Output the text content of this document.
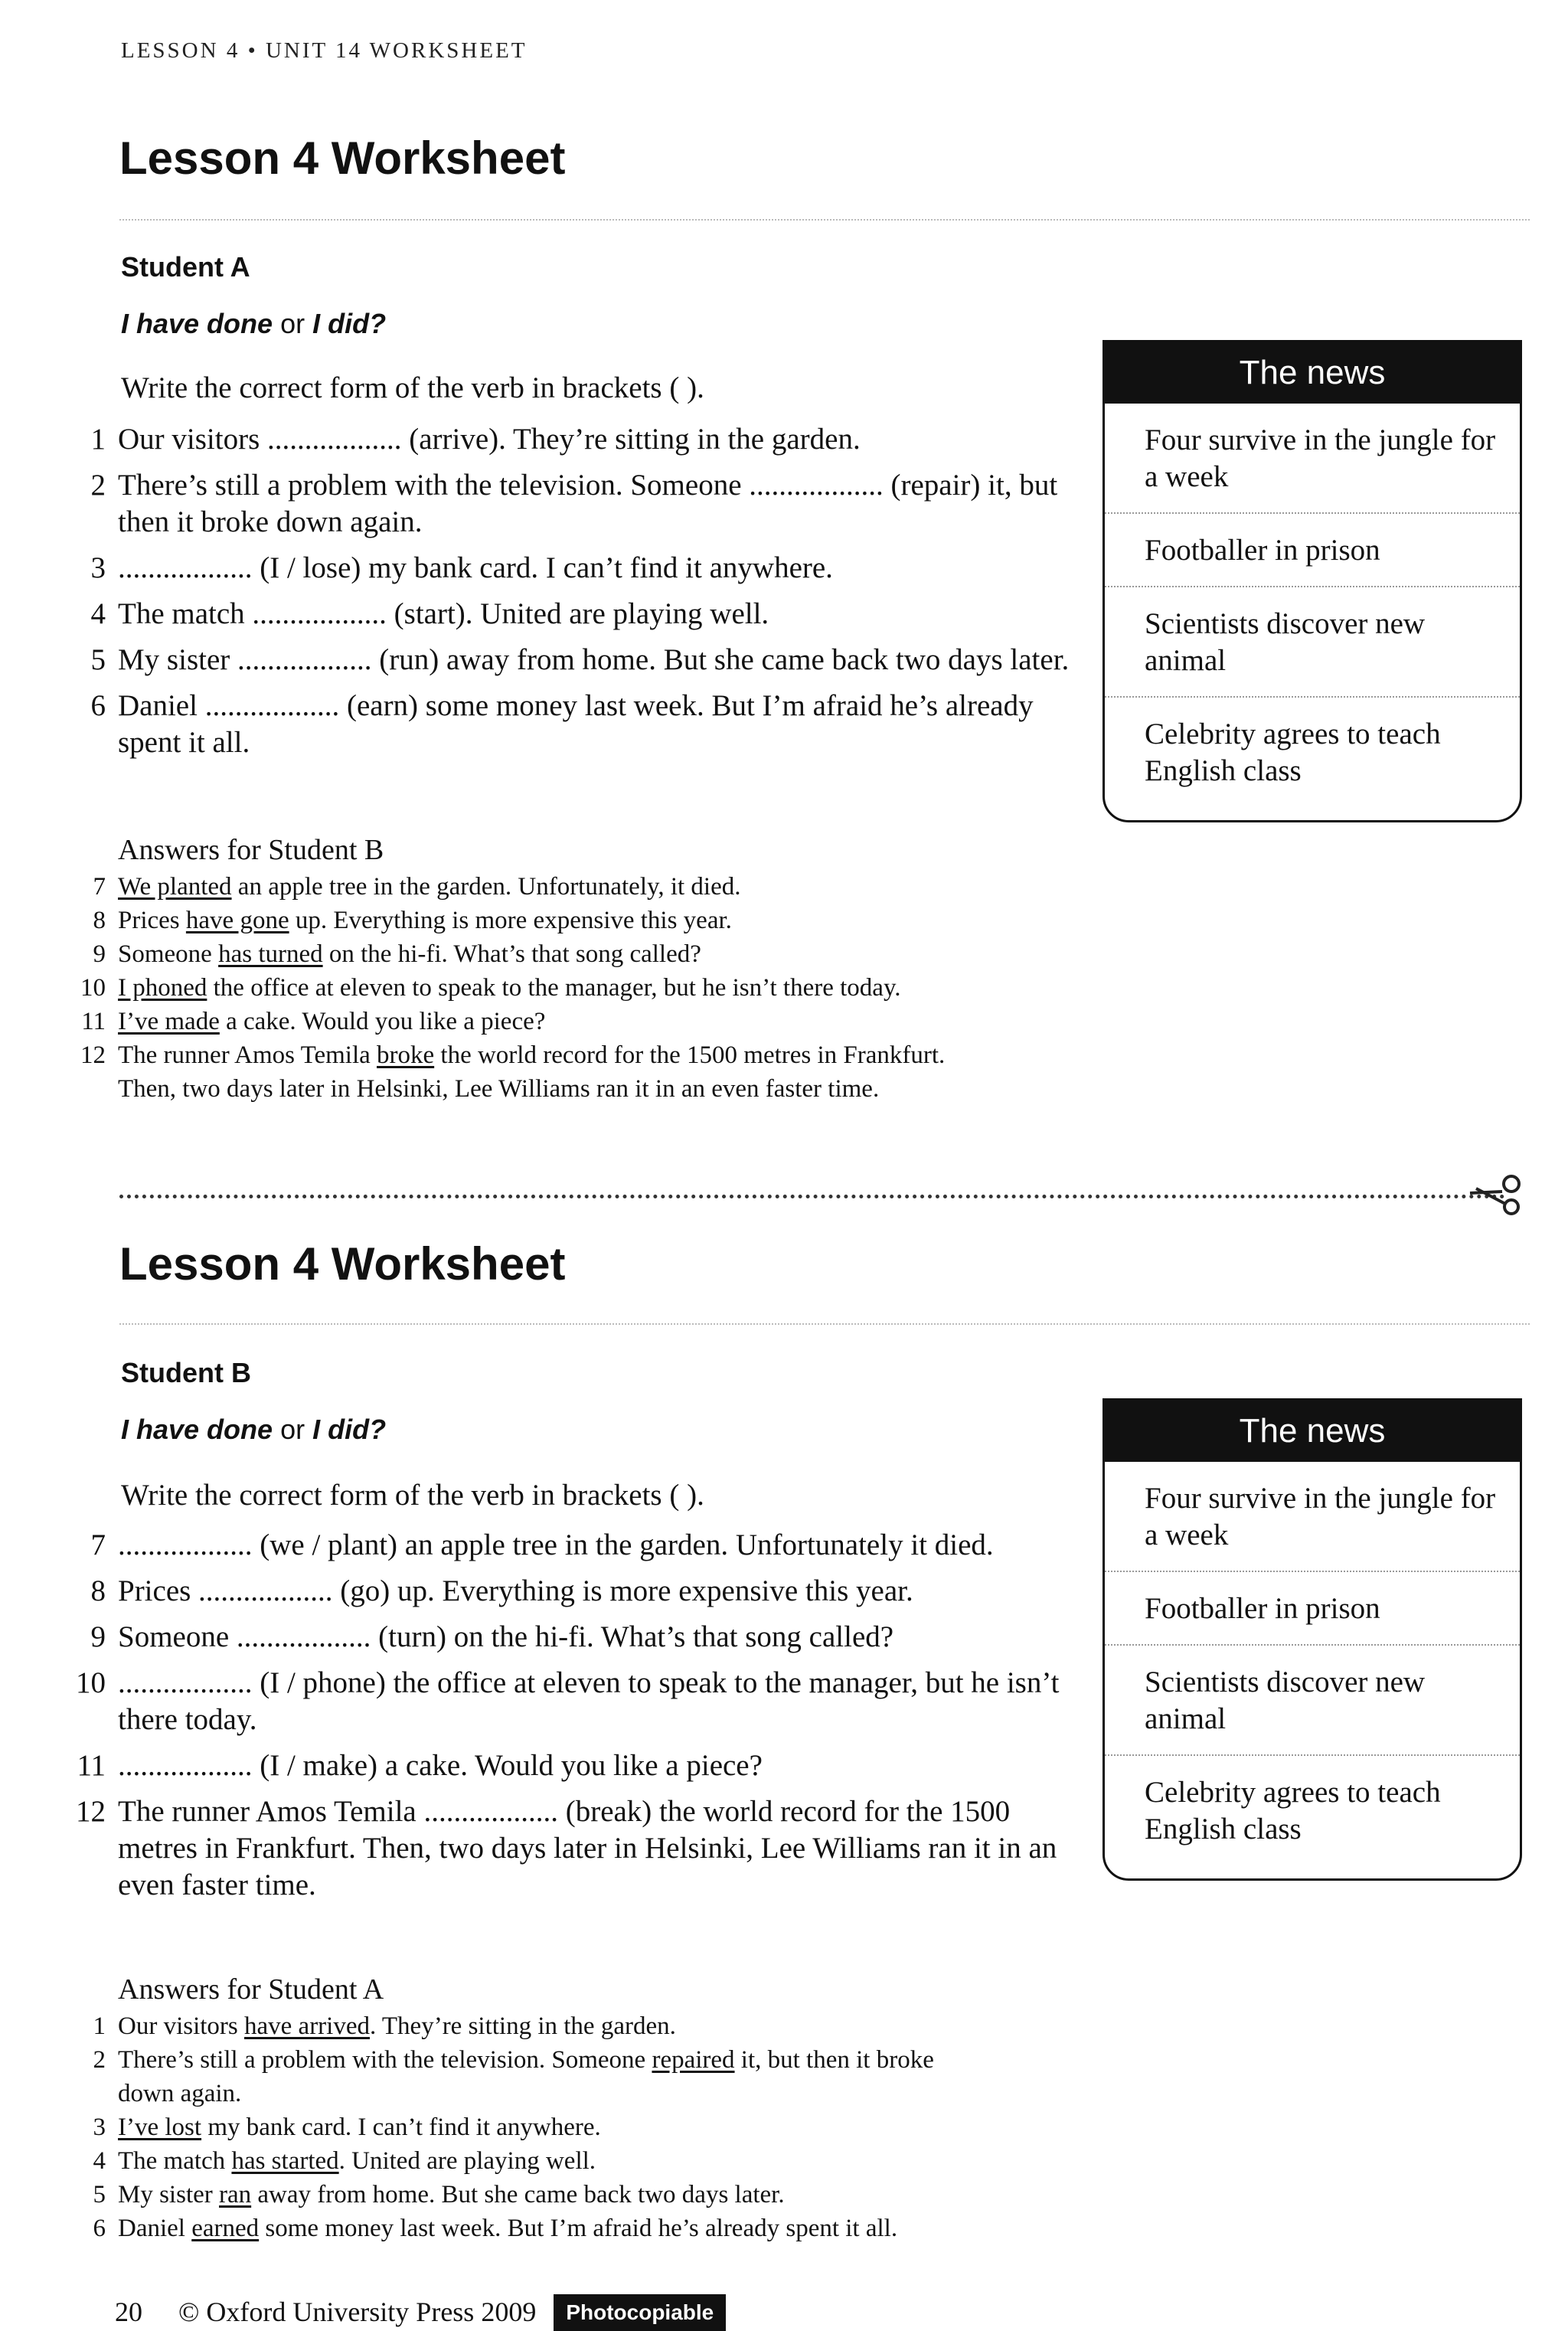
LESSON 4 • UNIT 14 WORKSHEET
Lesson 4 Worksheet
Student A
I have done or I did?
Write the correct form of the verb in brackets ( ).
1 Our visitors .................. (arrive). They’re sitting in the garden.
2 There’s still a problem with the television. Someone .................. (repair) it, but then it broke down again.
3 .................. (I / lose) my bank card. I can’t find it anywhere.
4 The match .................. (start). United are playing well.
5 My sister .................. (run) away from home. But she came back two days later.
6 Daniel .................. (earn) some money last week. But I’m afraid he’s already spent it all.
Answers for Student B
7 We planted an apple tree in the garden. Unfortunately, it died.
8 Prices have gone up. Everything is more expensive this year.
9 Someone has turned on the hi-fi. What’s that song called?
10 I phoned the office at eleven to speak to the manager, but he isn’t there today.
11 I’ve made a cake. Would you like a piece?
12 The runner Amos Temila broke the world record for the 1500 metres in Frankfurt. Then, two days later in Helsinki, Lee Williams ran it in an even faster time.
The news
Four survive in the jungle for a week
Footballer in prison
Scientists discover new animal
Celebrity agrees to teach English class
Lesson 4 Worksheet
Student B
I have done or I did?
Write the correct form of the verb in brackets ( ).
7 .................. (we / plant) an apple tree in the garden. Unfortunately it died.
8 Prices .................. (go) up. Everything is more expensive this year.
9 Someone .................. (turn) on the hi-fi. What’s that song called?
10 .................. (I / phone) the office at eleven to speak to the manager, but he isn’t there today.
11 .................. (I / make) a cake. Would you like a piece?
12 The runner Amos Temila .................. (break) the world record for the 1500 metres in Frankfurt. Then, two days later in Helsinki, Lee Williams ran it in an even faster time.
Answers for Student A
1 Our visitors have arrived. They’re sitting in the garden.
2 There’s still a problem with the television. Someone repaired it, but then it broke down again.
3 I’ve lost my bank card. I can’t find it anywhere.
4 The match has started. United are playing well.
5 My sister ran away from home. But she came back two days later.
6 Daniel earned some money last week. But I’m afraid he’s already spent it all.
The news
Four survive in the jungle for a week
Footballer in prison
Scientists discover new animal
Celebrity agrees to teach English class
20 © Oxford University Press 2009 Photocopiable
